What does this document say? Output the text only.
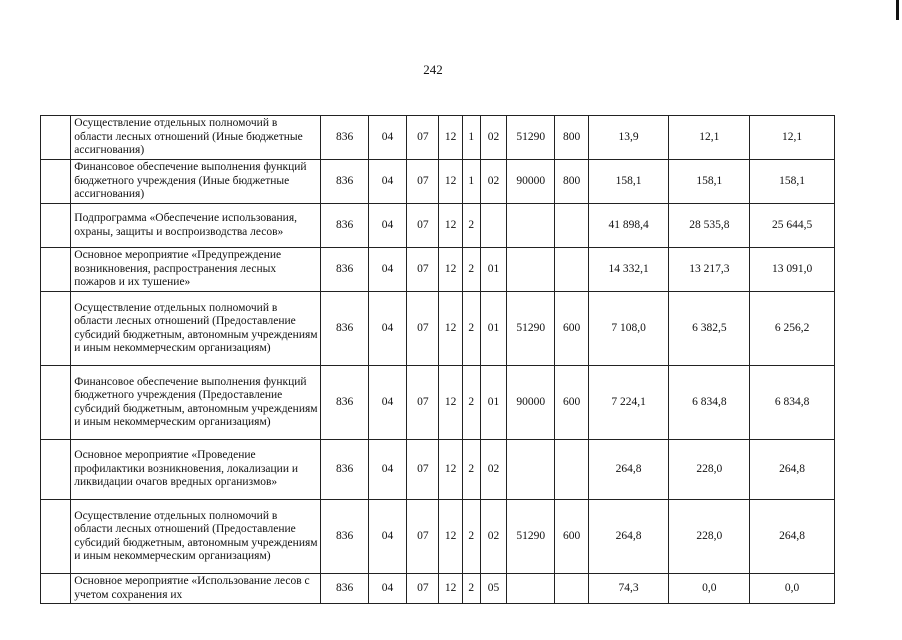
242
	Осуществление отдельных полномочий в области лесных отношений (Иные бюджетные ассигнования)	836	04	07	12	1	02	51290	800	13,9	12,1	12,1
	Финансовое обеспечение выполнения функций бюджетного учреждения (Иные бюджетные ассигнования)	836	04	07	12	1	02	90000	800	158,1	158,1	158,1
	Подпрограмма «Обеспечение использования, охраны, защиты и воспроизводства лесов»	836	04	07	12	2				41 898,4	28 535,8	25 644,5
	Основное мероприятие «Предупреждение возникновения, распространения лесных пожаров и их тушение»	836	04	07	12	2	01			14 332,1	13 217,3	13 091,0
	Осуществление отдельных полномочий в области лесных отношений (Предоставление субсидий бюджетным, автономным учреждениям и иным некоммерческим организациям)	836	04	07	12	2	01	51290	600	7 108,0	6 382,5	6 256,2
	Финансовое обеспечение выполнения функций бюджетного учреждения (Предоставление субсидий бюджетным, автономным учреждениям и иным некоммерческим организациям)	836	04	07	12	2	01	90000	600	7 224,1	6 834,8	6 834,8
	Основное мероприятие «Проведение профилактики возникновения, локализации и ликвидации очагов вредных организмов»	836	04	07	12	2	02			264,8	228,0	264,8
	Осуществление отдельных полномочий в области лесных отношений (Предоставление субсидий бюджетным, автономным учреждениям и иным некоммерческим организациям)	836	04	07	12	2	02	51290	600	264,8	228,0	264,8
	Основное мероприятие «Использование лесов с учетом сохранения их	836	04	07	12	2	05			74,3	0,0	0,0
